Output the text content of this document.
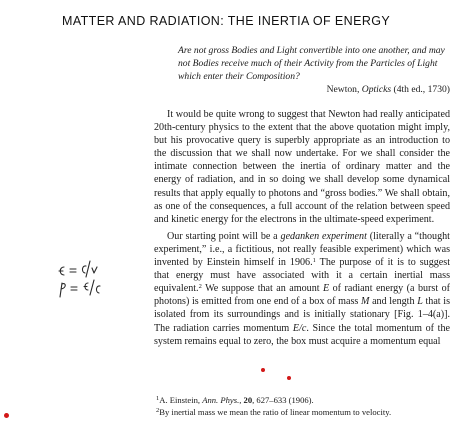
MATTER AND RADIATION: THE INERTIA OF ENERGY
Are not gross Bodies and Light convertible into one another, and may not Bodies receive much of their Activity from the Particles of Light which enter their Composition?
Newton, Opticks (4th ed., 1730)

It would be quite wrong to suggest that Newton had really anticipated 20th-century physics to the extent that the above quotation might imply, but his provocative query is superbly appropriate as an introduction to the discussion that we shall now undertake. For we shall consider the intimate connection between the inertia of ordinary matter and the energy of radiation, and in so doing we shall develop some dynamical results that apply equally to photons and “gross bodies.” We shall obtain, as one of the consequences, a full account of the relation between speed and kinetic energy for the electrons in the ultimate-speed experiment.

Our starting point will be a gedanken experiment (literally a “thought experiment,” i.e., a fictitious, not really feasible experiment) which was invented by Einstein himself in 1906.$^1$ The purpose of it is to suggest that energy must have associated with it a certain inertial mass equivalent.$^2$ We suppose that an amount E of radiant energy (a burst of photons) is emitted from one end of a box of mass M and length L that is isolated from its surroundings and is initially stationary [Fig. 1–4(a)]. The radiation carries momentum E/c. Since the total momentum of the system remains equal to zero, the box must acquire a momentum equal

$^1$A. Einstein, Ann. Phys., 20, 627–633 (1906).
$^2$By inertial mass we mean the ratio of linear momentum to velocity.
